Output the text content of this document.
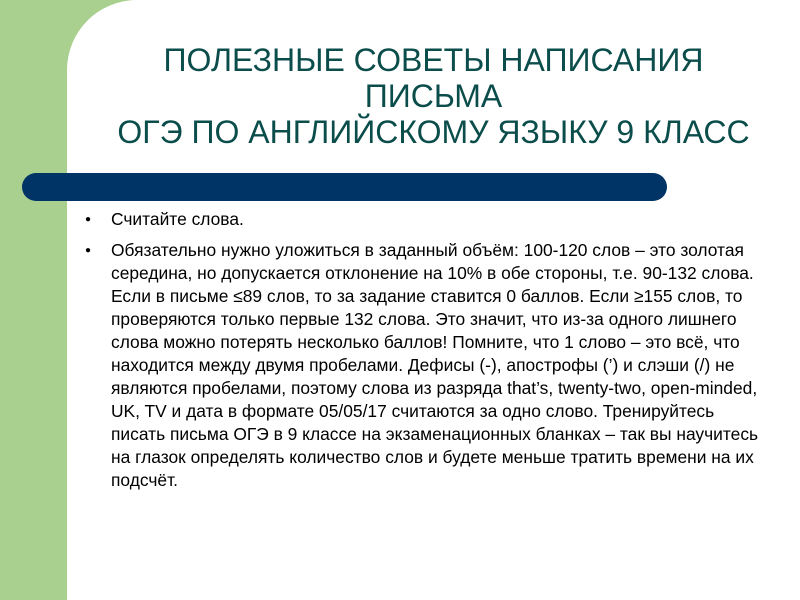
ПОЛЕЗНЫЕ СОВЕТЫ НАПИСАНИЯ
ПИСЬМА
ОГЭ ПО АНГЛИЙСКОМУ ЯЗЫКУ 9 КЛАСС
●	Считайте слова.
●	Обязательно нужно уложиться в заданный объём: 100-120 слов – это золотая середина, но допускается отклонение на 10% в обе стороны, т.е. 90-132 слова. Если в письме ≤89 слов, то за задание ставится 0 баллов. Если ≥155 слов, то проверяются только первые 132 слова. Это значит, что из-за одного лишнего слова можно потерять несколько баллов! Помните, что 1 слово – это всё, что находится между двумя пробелами. Дефисы (-), апострофы (’) и слэши (/) не являются пробелами, поэтому слова из разряда that’s, twenty-two, open-minded, UK, TV и дата в формате 05/05/17 считаются за одно слово. Тренируйтесь писать письма ОГЭ в 9 классе на экзаменационных бланках – так вы научитесь на глазок определять количество слов и будете меньше тратить времени на их подсчёт.
